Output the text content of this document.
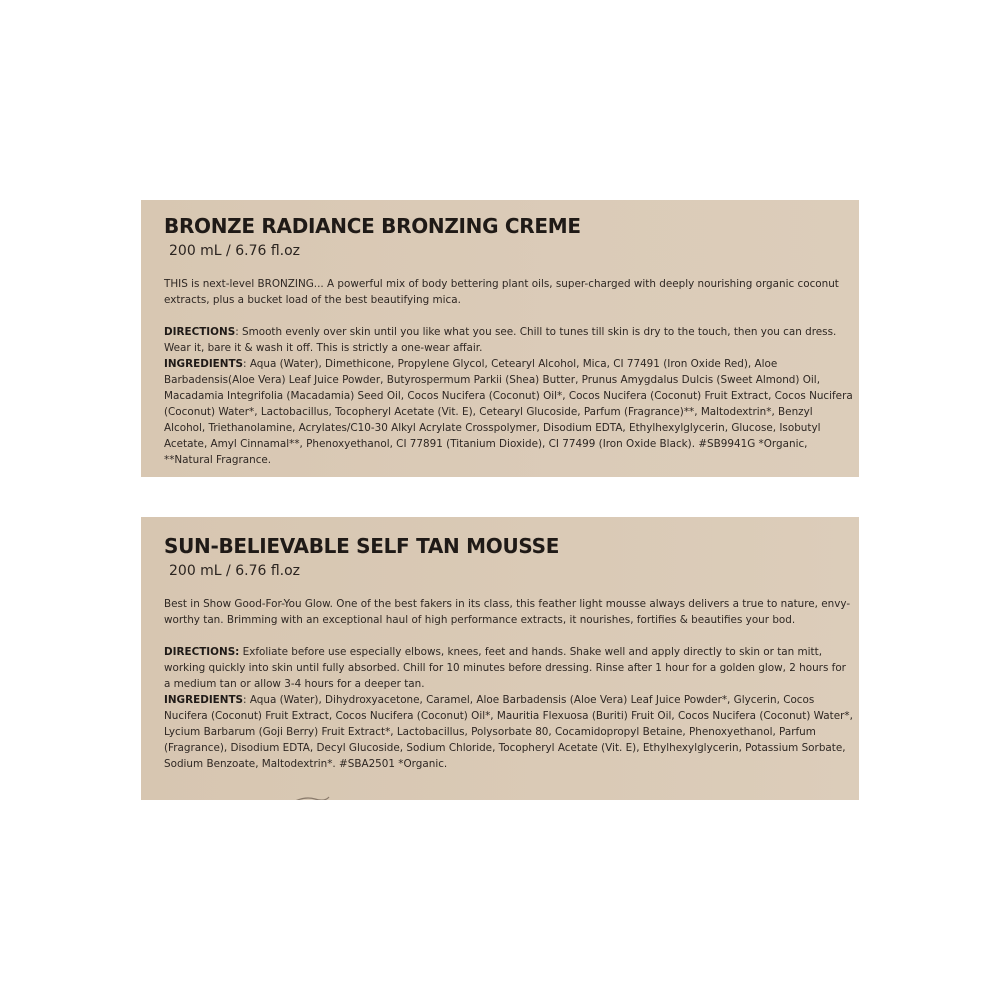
BRONZE RADIANCE BRONZING CREME
200 mL / 6.76 fl.oz

THIS is next-level BRONZING... A powerful mix of body bettering plant oils, super-charged with deeply nourishing organic coconut extracts, plus a bucket load of the best beautifying mica.

DIRECTIONS: Smooth evenly over skin until you like what you see. Chill to tunes till skin is dry to the touch, then you can dress. Wear it, bare it & wash it off. This is strictly a one-wear affair.

INGREDIENTS: Aqua (Water), Dimethicone, Propylene Glycol, Cetearyl Alcohol, Mica, CI 77491 (Iron Oxide Red), Aloe Barbadensis(Aloe Vera) Leaf Juice Powder, Butyrospermum Parkii (Shea) Butter, Prunus Amygdalus Dulcis (Sweet Almond) Oil, Macadamia Integrifolia (Macadamia) Seed Oil, Cocos Nucifera (Coconut) Oil*, Cocos Nucifera (Coconut) Fruit Extract, Cocos Nucifera (Coconut) Water*, Lactobacillus, Tocopheryl Acetate (Vit. E), Cetearyl Glucoside, Parfum (Fragrance)**, Maltodextrin*, Benzyl Alcohol, Triethanolamine, Acrylates/C10-30 Alkyl Acrylate Crosspolymer, Disodium EDTA, Ethylhexylglycerin, Glucose, Isobutyl Acetate, Amyl Cinnamal**, Phenoxyethanol, CI 77891 (Titanium Dioxide), CI 77499 (Iron Oxide Black). #SB9941G *Organic, **Natural Fragrance.

SUN-BELIEVABLE SELF TAN MOUSSE
200 mL / 6.76 fl.oz

Best in Show Good-For-You Glow. One of the best fakers in its class, this feather light mousse always delivers a true to nature, envy-worthy tan. Brimming with an exceptional haul of high performance extracts, it nourishes, fortifies & beautifies your bod.

DIRECTIONS: Exfoliate before use especially elbows, knees, feet and hands. Shake well and apply directly to skin or tan mitt, working quickly into skin until fully absorbed. Chill for 10 minutes before dressing. Rinse after 1 hour for a golden glow, 2 hours for a medium tan or allow 3-4 hours for a deeper tan.

INGREDIENTS: Aqua (Water), Dihydroxyacetone, Caramel, Aloe Barbadensis (Aloe Vera) Leaf Juice Powder*, Glycerin, Cocos Nucifera (Coconut) Fruit Extract, Cocos Nucifera (Coconut) Oil*, Mauritia Flexuosa (Buriti) Fruit Oil, Cocos Nucifera (Coconut) Water*, Lycium Barbarum (Goji Berry) Fruit Extract*, Lactobacillus, Polysorbate 80, Cocamidopropyl Betaine, Phenoxyethanol, Parfum (Fragrance), Disodium EDTA, Decyl Glucoside, Sodium Chloride, Tocopheryl Acetate (Vit. E), Ethylhexylglycerin, Potassium Sorbate, Sodium Benzoate, Maltodextrin*. #SBA2501 *Organic.
